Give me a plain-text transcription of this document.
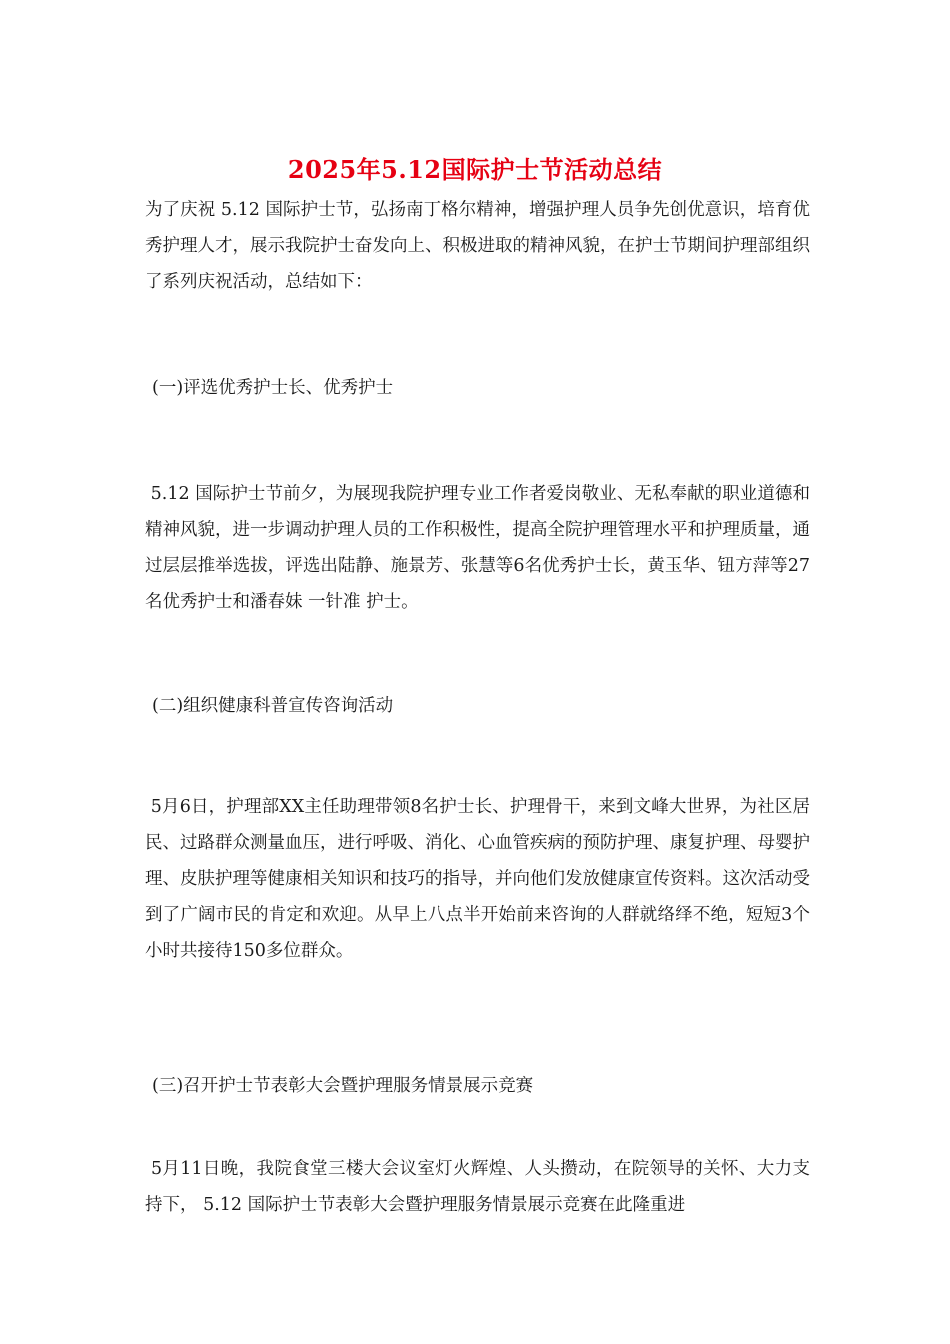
2025年5.12国际护士节活动总结

为了庆祝 5.12 国际护士节，弘扬南丁格尔精神，增强护理人员争先创优意识，培育优秀护理人才，展示我院护士奋发向上、积极进取的精神风貌，在护士节期间护理部组织了系列庆祝活动，总结如下：

(一)评选优秀护士长、优秀护士

5.12 国际护士节前夕，为展现我院护理专业工作者爱岗敬业、无私奉献的职业道德和精神风貌，进一步调动护理人员的工作积极性，提高全院护理管理水平和护理质量，通过层层推举选拔，评选出陆静、施景芳、张慧等6名优秀护士长，黄玉华、钮方萍等27名优秀护士和潘春妹 一针准 护士。

(二)组织健康科普宣传咨询活动

5月6日，护理部XX主任助理带领8名护士长、护理骨干，来到文峰大世界，为社区居民、过路群众测量血压，进行呼吸、消化、心血管疾病的预防护理、康复护理、母婴护理、皮肤护理等健康相关知识和技巧的指导，并向他们发放健康宣传资料。这次活动受到了广阔市民的肯定和欢迎。从早上八点半开始前来咨询的人群就络绎不绝，短短3个小时共接待150多位群众。

(三)召开护士节表彰大会暨护理服务情景展示竞赛

5月11日晚，我院食堂三楼大会议室灯火辉煌、人头攒动，在院领导的关怀、大力支持下， 5.12 国际护士节表彰大会暨护理服务情景展示竞赛在此隆重进
